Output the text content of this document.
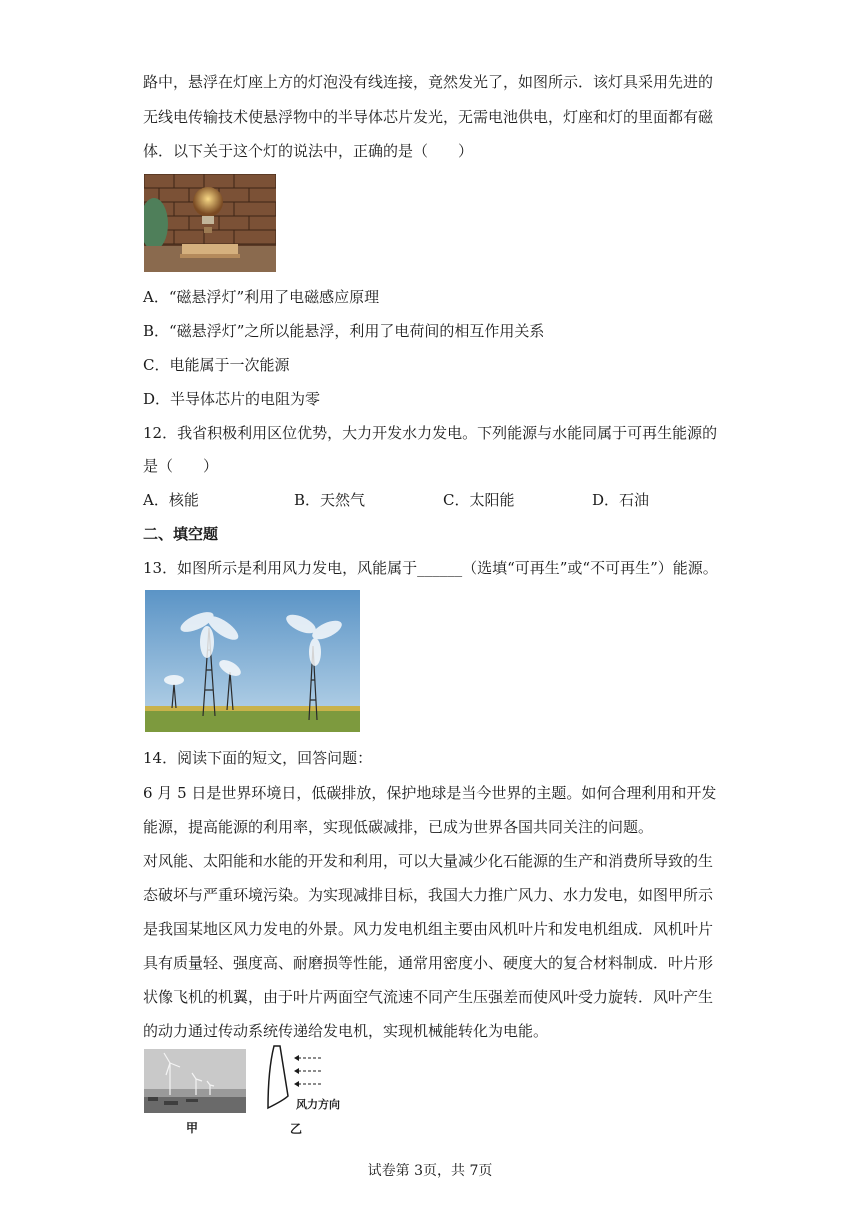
路中，悬浮在灯座上方的灯泡没有线连接，竟然发光了，如图所示．该灯具采用先进的

无线电传输技术使悬浮物中的半导体芯片发光，无需电池供电，灯座和灯的里面都有磁

体．以下关于这个灯的说法中，正确的是（　　）

A．“磁悬浮灯”利用了电磁感应原理
B．“磁悬浮灯”之所以能悬浮，利用了电荷间的相互作用关系
C．电能属于一次能源
D．半导体芯片的电阻为零

12．我省积极利用区位优势，大力开发水力发电。下列能源与水能同属于可再生能源的

是（　　）

A．核能	B．天然气	C．太阳能	D．石油
二、填空题

13．如图所示是利用风力发电，风能属于______（选填“可再生”或“不可再生”）能源。

14．阅读下面的短文，回答问题：

6 月 5 日是世界环境日，低碳排放，保护地球是当今世界的主题。如何合理利用和开发

能源，提高能源的利用率，实现低碳减排，已成为世界各国共同关注的问题。

对风能、太阳能和水能的开发和利用，可以大量减少化石能源的生产和消费所导致的生

态破坏与严重环境污染。为实现减排目标，我国大力推广风力、水力发电，如图甲所示

是我国某地区风力发电的外景。风力发电机组主要由风机叶片和发电机组成．风机叶片

具有质量轻、强度高、耐磨损等性能，通常用密度小、硬度大的复合材料制成．叶片形

状像飞机的机翼，由于叶片两面空气流速不同产生压强差而使风叶受力旋转．风叶产生

的动力通过传动系统传递给发电机，实现机械能转化为电能。

甲
风力方向
乙
试卷第 3页，共 7页
